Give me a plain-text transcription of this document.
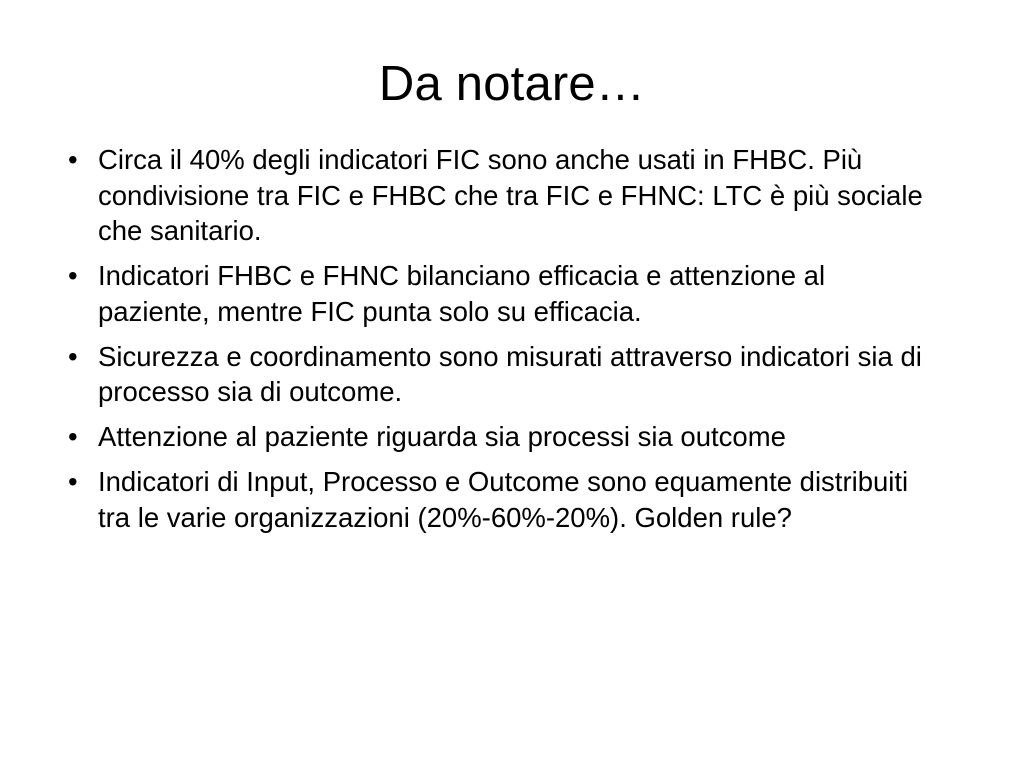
Da notare…
• Circa il 40% degli indicatori FIC sono anche usati in FHBC. Più condivisione tra FIC e FHBC che tra FIC e FHNC: LTC è più sociale che sanitario.
• Indicatori FHBC e FHNC bilanciano efficacia e attenzione al paziente, mentre FIC punta solo su efficacia.
• Sicurezza e coordinamento sono misurati attraverso indicatori sia di processo sia di outcome.
• Attenzione al paziente riguarda sia processi sia outcome
• Indicatori di Input, Processo e Outcome sono equamente distribuiti tra le varie organizzazioni (20%-60%-20%). Golden rule?
